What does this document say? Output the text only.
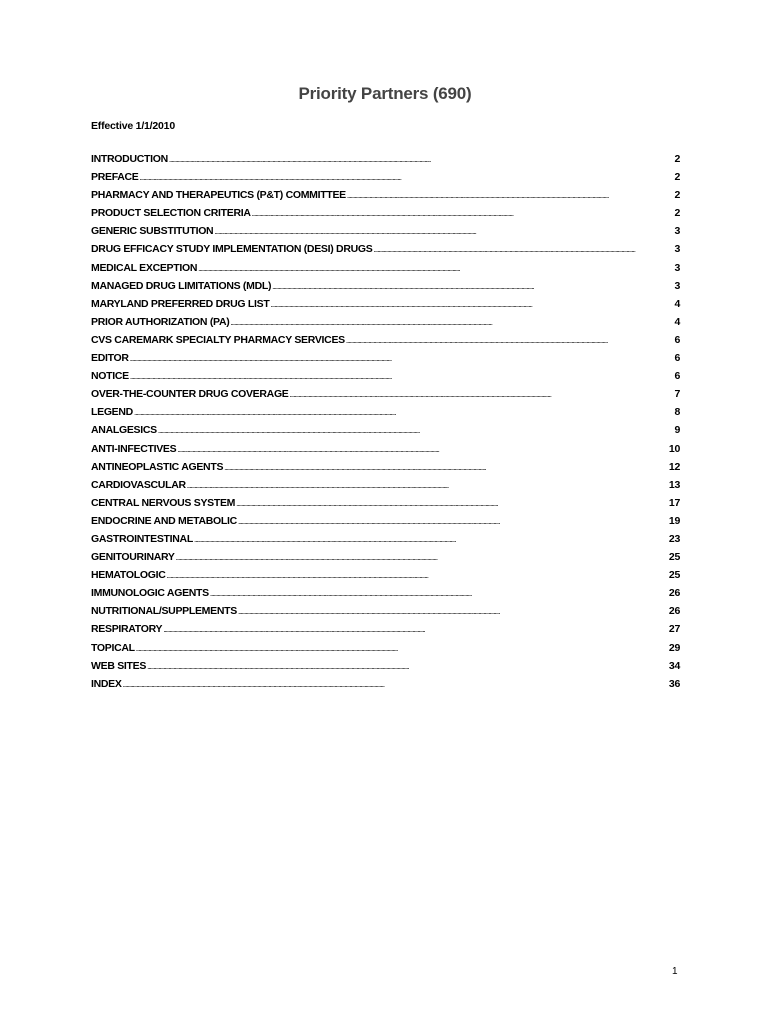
Priority Partners (690)

Effective 1/1/2010

INTRODUCTION . . .	2
PREFACE . . .	2
PHARMACY AND THERAPEUTICS (P&T) COMMITTEE . . .	2
PRODUCT SELECTION CRITERIA . . .	2
GENERIC SUBSTITUTION . . .	3
DRUG EFFICACY STUDY IMPLEMENTATION (DESI) DRUGS . . .	3
MEDICAL EXCEPTION . . .	3
MANAGED DRUG LIMITATIONS (MDL) . . .	3
MARYLAND PREFERRED DRUG LIST . . .	4
PRIOR AUTHORIZATION (PA) . . .	4
CVS CAREMARK SPECIALTY PHARMACY SERVICES . . .	6
EDITOR . . .	6
NOTICE . . .	6
OVER-THE-COUNTER DRUG COVERAGE . . .	7
LEGEND . . .	8
ANALGESICS . . .	9
ANTI-INFECTIVES . . .	10
ANTINEOPLASTIC AGENTS . . .	12
CARDIOVASCULAR . . .	13
CENTRAL NERVOUS SYSTEM . . .	17
ENDOCRINE AND METABOLIC . . .	19
GASTROINTESTINAL . . .	23
GENITOURINARY . . .	25
HEMATOLOGIC . . .	25
IMMUNOLOGIC AGENTS . . .	26
NUTRITIONAL/SUPPLEMENTS . . .	26
RESPIRATORY . . .	27
TOPICAL . . .	29
WEB SITES . . .	34
INDEX . . .	36

1
